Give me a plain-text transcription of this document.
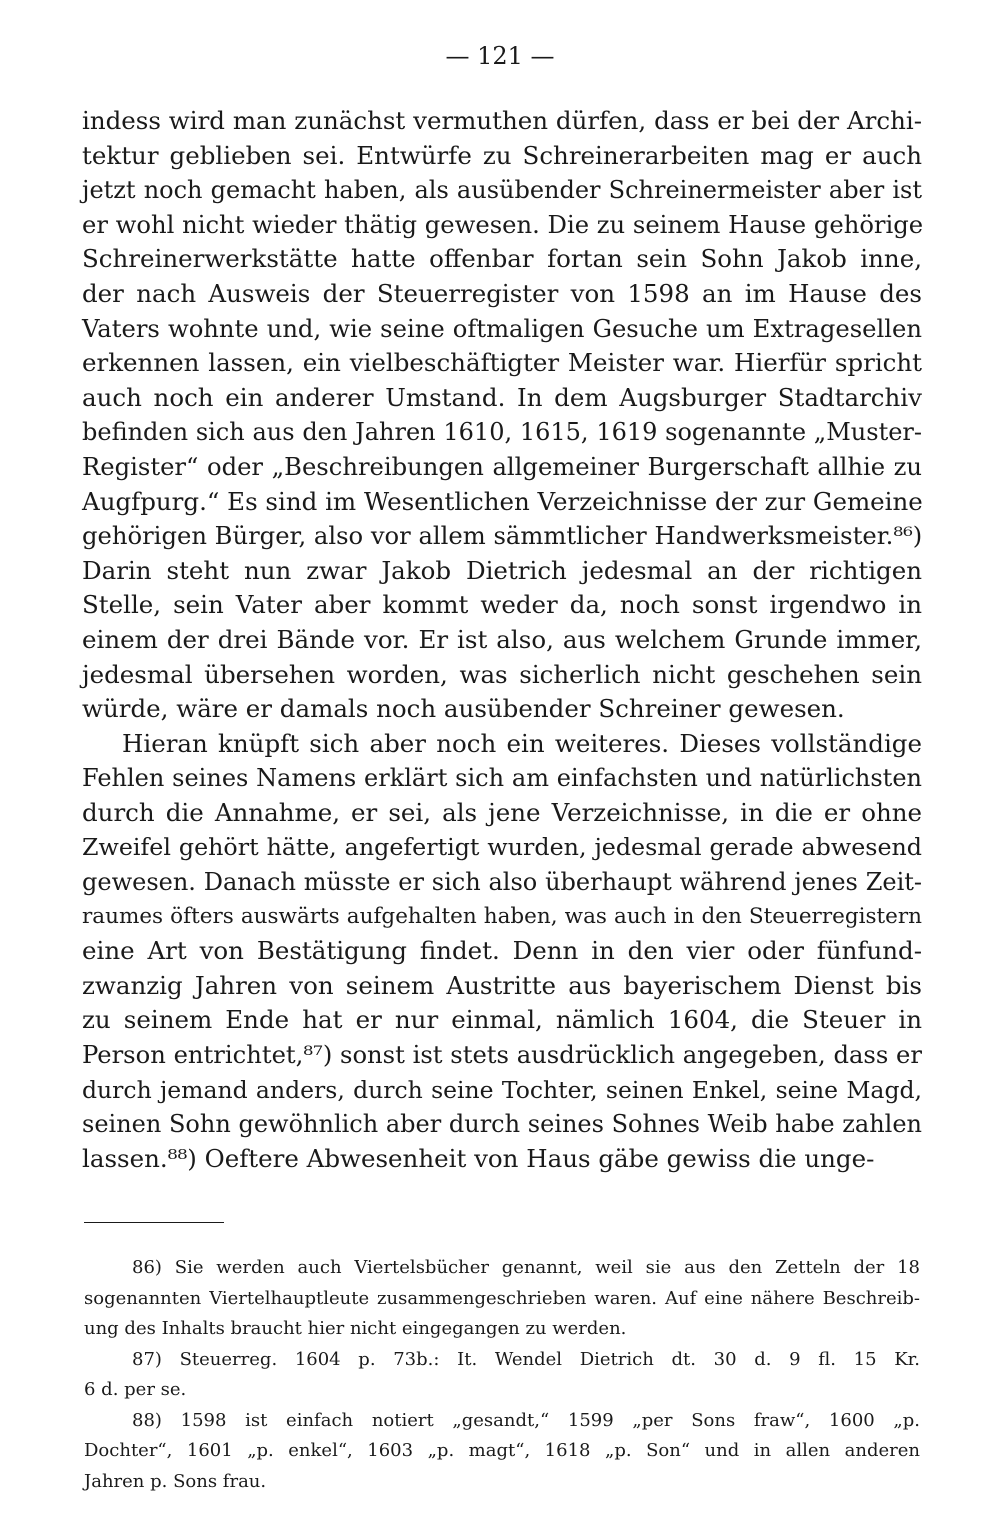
— 121 —
indess wird man zunächst vermuthen dürfen, dass er bei der Archi-
tektur geblieben sei. Entwürfe zu Schreinerarbeiten mag er auch
jetzt noch gemacht haben, als ausübender Schreinermeister aber ist
er wohl nicht wieder thätig gewesen. Die zu seinem Hause gehörige
Schreinerwerkstätte hatte offenbar fortan sein Sohn Jakob inne,
der nach Ausweis der Steuerregister von 1598 an im Hause des
Vaters wohnte und, wie seine oftmaligen Gesuche um Extragesellen
erkennen lassen, ein vielbeschäftigter Meister war. Hierfür spricht
auch noch ein anderer Umstand. In dem Augsburger Stadtarchiv
befinden sich aus den Jahren 1610, 1615, 1619 sogenannte „Muster-
Register“ oder „Beschreibungen allgemeiner Burgerschaft allhie zu
Augfpurg.“ Es sind im Wesentlichen Verzeichnisse der zur Gemeine
gehörigen Bürger, also vor allem sämmtlicher Handwerksmeister.⁸⁶)
Darin steht nun zwar Jakob Dietrich jedesmal an der richtigen
Stelle, sein Vater aber kommt weder da, noch sonst irgendwo in
einem der drei Bände vor. Er ist also, aus welchem Grunde immer,
jedesmal übersehen worden, was sicherlich nicht geschehen sein
würde, wäre er damals noch ausübender Schreiner gewesen.
Hieran knüpft sich aber noch ein weiteres. Dieses vollständige
Fehlen seines Namens erklärt sich am einfachsten und natürlichsten
durch die Annahme, er sei, als jene Verzeichnisse, in die er ohne
Zweifel gehört hätte, angefertigt wurden, jedesmal gerade abwesend
gewesen. Danach müsste er sich also überhaupt während jenes Zeit-
raumes öfters auswärts aufgehalten haben, was auch in den Steuerregistern
eine Art von Bestätigung findet. Denn in den vier oder fünfund-
zwanzig Jahren von seinem Austritte aus bayerischem Dienst bis
zu seinem Ende hat er nur einmal, nämlich 1604, die Steuer in
Person entrichtet,⁸⁷) sonst ist stets ausdrücklich angegeben, dass er
durch jemand anders, durch seine Tochter, seinen Enkel, seine Magd,
seinen Sohn gewöhnlich aber durch seines Sohnes Weib habe zahlen
lassen.⁸⁸) Oeftere Abwesenheit von Haus gäbe gewiss die unge-
86) Sie werden auch Viertelsbücher genannt, weil sie aus den Zetteln der 18
sogenannten Viertelhauptleute zusammengeschrieben waren. Auf eine nähere Beschreib-
ung des Inhalts braucht hier nicht eingegangen zu werden.
87) Steuerreg. 1604 p. 73b.: It. Wendel Dietrich dt. 30 d. 9 fl. 15 Kr.
6 d. per se.
88) 1598 ist einfach notiert „gesandt,“ 1599 „per Sons fraw“, 1600 „p.
Dochter“, 1601 „p. enkel“, 1603 „p. magt“, 1618 „p. Son“ und in allen anderen
Jahren p. Sons frau.
